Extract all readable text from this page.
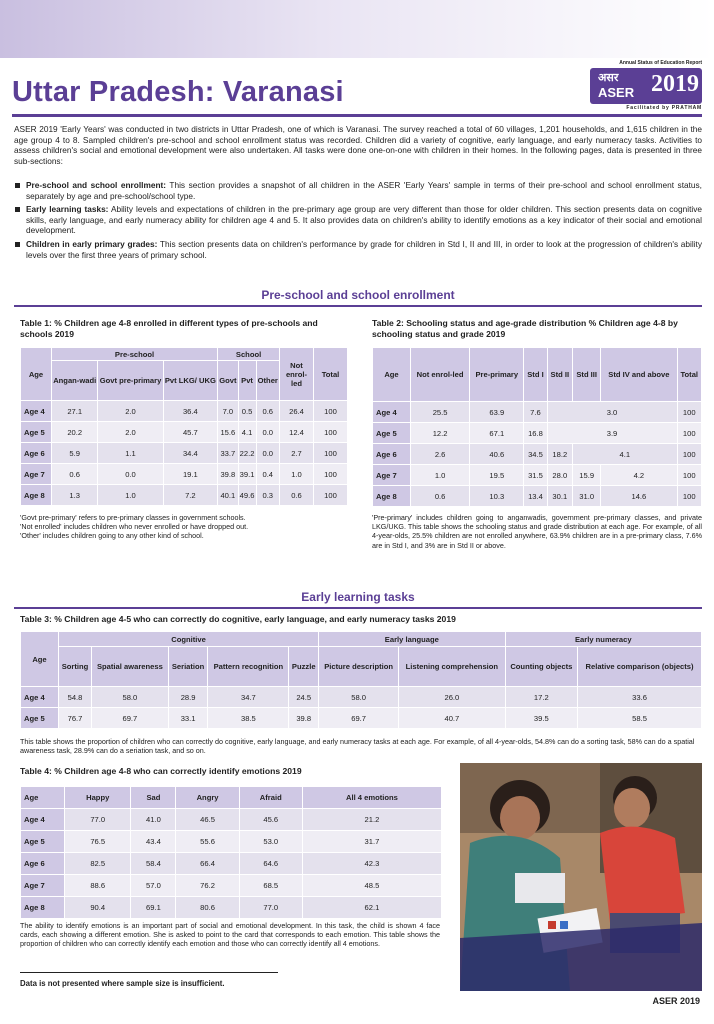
Uttar Pradesh: Varanasi
Annual Status of Education Report
असर
ASER 2019 RURAL
Facilitated by PRATHAM

ASER 2019 'Early Years' was conducted in two districts in Uttar Pradesh, one of which is Varanasi. The survey reached a total of 60 villages, 1,201 households, and 1,615 children in the age group 4 to 8. Sampled children's pre-school and school enrollment status was recorded. Children did a variety of cognitive, early language, and early numeracy tasks. Activities to assess children's social and emotional development were also undertaken. All tasks were done one-on-one with children in their homes. In the following pages, data is presented in three sub-sections:

Pre-school and school enrollment: This section provides a snapshot of all children in the ASER 'Early Years' sample in terms of their pre-school and school enrollment status, separately by age and pre-school/school type.
Early learning tasks: Ability levels and expectations of children in the pre-primary age group are very different than those for older children. This section presents data on cognitive skills, early language, and early numeracy ability for children age 4 and 5. It also provides data on children's ability to identify emotions as a key indicator of their social and emotional development.
Children in early primary grades: This section presents data on children's performance by grade for children in Std I, II and III, in order to look at the progression of children's ability levels over the first three years of primary school.
Pre-school and school enrollment
Table 1: % Children age 4-8 enrolled in different types of pre-schools and schools 2019
Age	Pre-school			School			Not enrol-led	Total
	Angan-wadi	Govt pre-primary	Pvt LKG/ UKG	Govt	Pvt	Other		
Age 4	27.1	2.0	36.4	7.0	0.5	0.6	26.4	100
Age 5	20.2	2.0	45.7	15.6	4.1	0.0	12.4	100
Age 6	5.9	1.1	34.4	33.7	22.2	0.0	2.7	100
Age 7	0.6	0.0	19.1	39.8	39.1	0.4	1.0	100
Age 8	1.3	1.0	7.2	40.1	49.6	0.3	0.6	100
'Govt pre-primary' refers to pre-primary classes in government schools.
'Not enrolled' includes children who never enrolled or have dropped out.
'Other' includes children going to any other kind of school.
Table 2: Schooling status and age-grade distribution % Children age 4-8 by schooling status and grade 2019
Age	Not enrol-led	Pre-primary	Std I	Std II	Std III	Std IV and above	Total
Age 4	25.5	63.9	7.6	3.0			100
Age 5	12.2	67.1	16.8	3.9			100
Age 6	2.6	40.6	34.5	18.2	4.1		100
Age 7	1.0	19.5	31.5	28.0	15.9	4.2	100
Age 8	0.6	10.3	13.4	30.1	31.0	14.6	100
'Pre-primary' includes children going to anganwadis, government pre-primary classes, and private LKG/UKG. This table shows the schooling status and grade distribution at each age. For example, of all 4-year-olds, 25.5% children are not enrolled anywhere, 63.9% children are in a pre-primary class, 7.6% are in Std I, and 3% are in Std II or above.
Early learning tasks
Table 3: % Children age 4-5 who can correctly do cognitive, early language, and early numeracy tasks 2019
Age	Cognitive					Early language		Early numeracy	
	Sorting	Spatial awareness	Seriation	Pattern recognition	Puzzle	Picture description	Listening comprehension	Counting objects	Relative comparison (objects)
Age 4	54.8	58.0	28.9	34.7	24.5	58.0	26.0	17.2	33.6
Age 5	76.7	69.7	33.1	38.5	39.8	69.7	40.7	39.5	58.5
This table shows the proportion of children who can correctly do cognitive, early language, and early numeracy tasks at each age. For example, of all 4-year-olds, 54.8% can do a sorting task, 58% can do a spatial awareness task, 28.9% can do a seriation task, and so on.
Table 4: % Children age 4-8 who can correctly identify emotions 2019
Age	Happy	Sad	Angry	Afraid	All 4 emotions
Age 4	77.0	41.0	46.5	45.6	21.2
Age 5	76.5	43.4	55.6	53.0	31.7
Age 6	82.5	58.4	66.4	64.6	42.3
Age 7	88.6	57.0	76.2	68.5	48.5
Age 8	90.4	69.1	80.6	77.0	62.1
The ability to identify emotions is an important part of social and emotional development. In this task, the child is shown 4 face cards, each showing a different emotion. She is asked to point to the card that corresponds to each emotion. This table shows the proportion of children who can correctly identify each emotion and those who can correctly identify all 4 emotions.
Data is not presented where sample size is insufficient.
ASER 2019
